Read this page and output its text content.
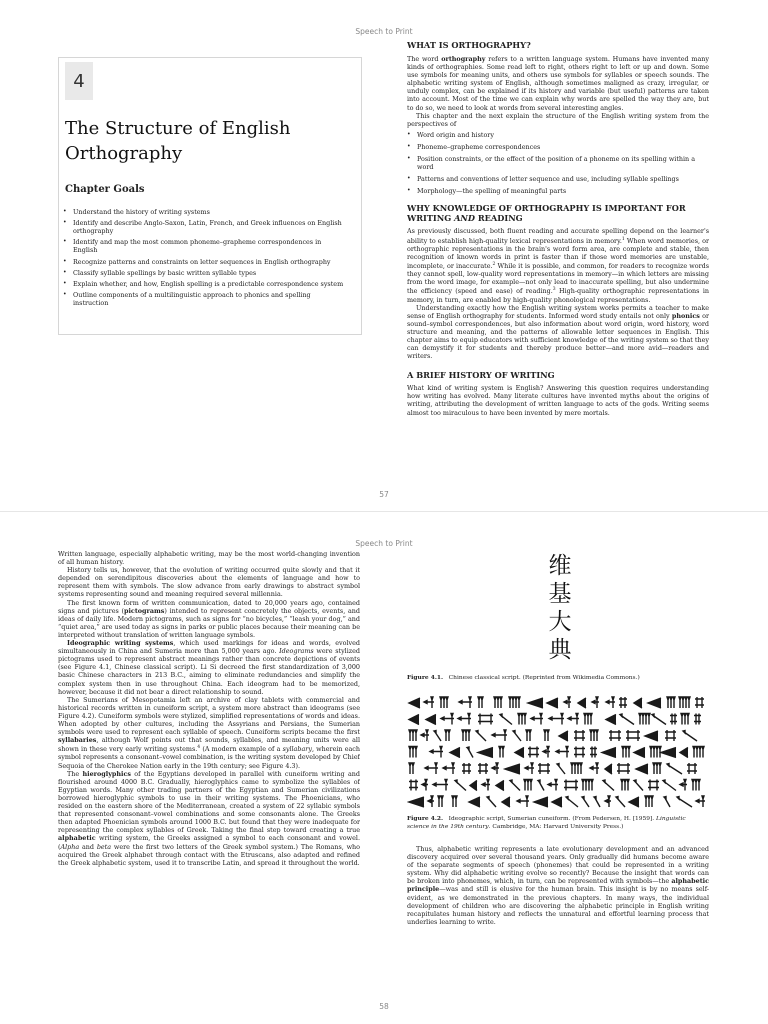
Speech to Print
4
The Structure of English Orthography
Chapter Goals
• Understand the history of writing systems
• Identify and describe Anglo-Saxon, Latin, French, and Greek influences on English orthography
• Identify and map the most common phoneme–grapheme correspondences in English
• Recognize patterns and constraints on letter sequences in English orthography
• Classify syllable spellings by basic written syllable types
• Explain whether, and how, English spelling is a predictable correspondence system
• Outline components of a multilinguistic approach to phonics and spelling instruction
WHAT IS ORTHOGRAPHY?

The word orthography refers to a written language system. Humans have invented many kinds of orthographies. Some read left to right, others right to left or up and down. Some use symbols for meaning units, and others use symbols for syllables or speech sounds. The alphabetic writing system of English, although sometimes maligned as crazy, irregular, or unduly complex, can be explained if its history and variable (but useful) patterns are taken into account. Most of the time we can explain why words are spelled the way they are, but to do so, we need to look at words from several interesting angles.

This chapter and the next explain the structure of the English writing system from the perspectives of

• Word origin and history
• Phoneme–grapheme correspondences
• Position constraints, or the effect of the position of a phoneme on its spelling within a word
• Patterns and conventions of letter sequence and use, including syllable spellings
• Morphology—the spelling of meaningful parts
WHY KNOWLEDGE OF ORTHOGRAPHY IS IMPORTANT FOR WRITING AND READING

As previously discussed, both fluent reading and accurate spelling depend on the learner's ability to establish high-quality lexical representations in memory.$^1$ When word memories, or orthographic representations in the brain's word form area, are complete and stable, then recognition of known words in print is faster than if those word memories are unstable, incomplete, or inaccurate.$^2$ While it is possible, and common, for readers to recognize words they cannot spell, low-quality word representations in memory—in which letters are missing from the word image, for example—not only lead to inaccurate spelling, but also undermine the efficiency (speed and ease) of reading.$^3$ High-quality orthographic representations in memory, in turn, are enabled by high-quality phonological representations.

Understanding exactly how the English writing system works permits a teacher to make sense of English orthography for students. Informed word study entails not only phonics or sound–symbol correspondences, but also information about word origin, word history, word structure and meaning, and the patterns of allowable letter sequences in English. This chapter aims to equip educators with sufficient knowledge of the writing system so that they can demystify it for students and thereby produce better—and more avid—readers and writers.

A BRIEF HISTORY OF WRITING

What kind of writing system is English? Answering this question requires understanding how writing has evolved. Many literate cultures have invented myths about the origins of writing, attributing the development of written language to acts of the gods. Writing seems almost too miraculous to have been invented by mere mortals.

57
Speech to Print

Written language, especially alphabetic writing, may be the most world-changing invention of all human history.

History tells us, however, that the evolution of writing occurred quite slowly and that it depended on serendipitous discoveries about the elements of language and how to represent them with symbols. The slow advance from early drawings to abstract symbol systems representing sound and meaning required several millennia.

The first known form of written communication, dated to 20,000 years ago, contained signs and pictures (pictograms) intended to represent concretely the objects, events, and ideas of daily life. Modern pictograms, such as signs for “no bicycles,” “leash your dog,” and “quiet area,” are used today as signs in parks or public places because their meaning can be interpreted without translation of written language symbols.

Ideographic writing systems, which used markings for ideas and words, evolved simultaneously in China and Sumeria more than 5,000 years ago. Ideograms were stylized pictograms used to represent abstract meanings rather than concrete depictions of events (see Figure 4.1, Chinese classical script). Li Si decreed the first standardization of 3,000 basic Chinese characters in 213 B.C., aiming to eliminate redundancies and simplify the complex system then in use throughout China. Each ideogram had to be memorized, however, because it did not bear a direct relationship to sound.

The Sumerians of Mesopotamia left an archive of clay tablets with commercial and historical records written in cuneiform script, a system more abstract than ideograms (see Figure 4.2). Cuneiform symbols were stylized, simplified representations of words and ideas. When adopted by other cultures, including the Assyrians and Persians, the Sumerian symbols were used to represent each syllable of speech. Cuneiform scripts became the first syllabaries, although Wolf points out that sounds, syllables, and meaning units were all shown in these very early writing systems.$^4$ (A modern example of a syllabary, wherein each symbol represents a consonant–vowel combination, is the writing system developed by Chief Sequoia of the Cherokee Nation early in the 19th century; see Figure 4.3).

The hieroglyphics of the Egyptians developed in parallel with cuneiform writing and flourished around 4000 B.C. Gradually, hieroglyphics came to symbolize the syllables of Egyptian words. Many other trading partners of the Egyptian and Sumerian civilizations borrowed hieroglyphic symbols to use in their writing systems. The Phoenicians, who resided on the eastern shore of the Mediterranean, created a system of 22 syllabic symbols that represented consonant–vowel combinations and some consonants alone. The Greeks then adapted Phoenician symbols around 1000 B.C. but found that they were inadequate for representing the complex syllables of Greek. Taking the final step toward creating a true alphabetic writing system, the Greeks assigned a symbol to each consonant and vowel. (Alpha and beta were the first two letters of the Greek symbol system.) The Romans, who acquired the Greek alphabet through contact with the Etruscans, also adapted and refined the Greek alphabetic system, used it to transcribe Latin, and spread it throughout the world.

维
基
大
典

Figure 4.1. Chinese classical script. (Reprinted from Wikimedia Commons.)

Figure 4.2. Ideographic script, Sumerian cuneiform. (From Pedersen, H. [1959]. Linguistic science in the 19th century. Cambridge, MA: Harvard University Press.)

Thus, alphabetic writing represents a late evolutionary development and an advanced discovery acquired over several thousand years. Only gradually did humans become aware of the separate segments of speech (phonemes) that could be represented in a writing system. Why did alphabetic writing evolve so recently? Because the insight that words can be broken into phonemes, which, in turn, can be represented with symbols—the alphabetic principle—was and still is elusive for the human brain. This insight is by no means self-evident, as we demonstrated in the previous chapters. In many ways, the individual development of children who are discovering the alphabetic principle in English writing recapitulates human history and reflects the unnatural and effortful learning process that underlies learning to write.

58
